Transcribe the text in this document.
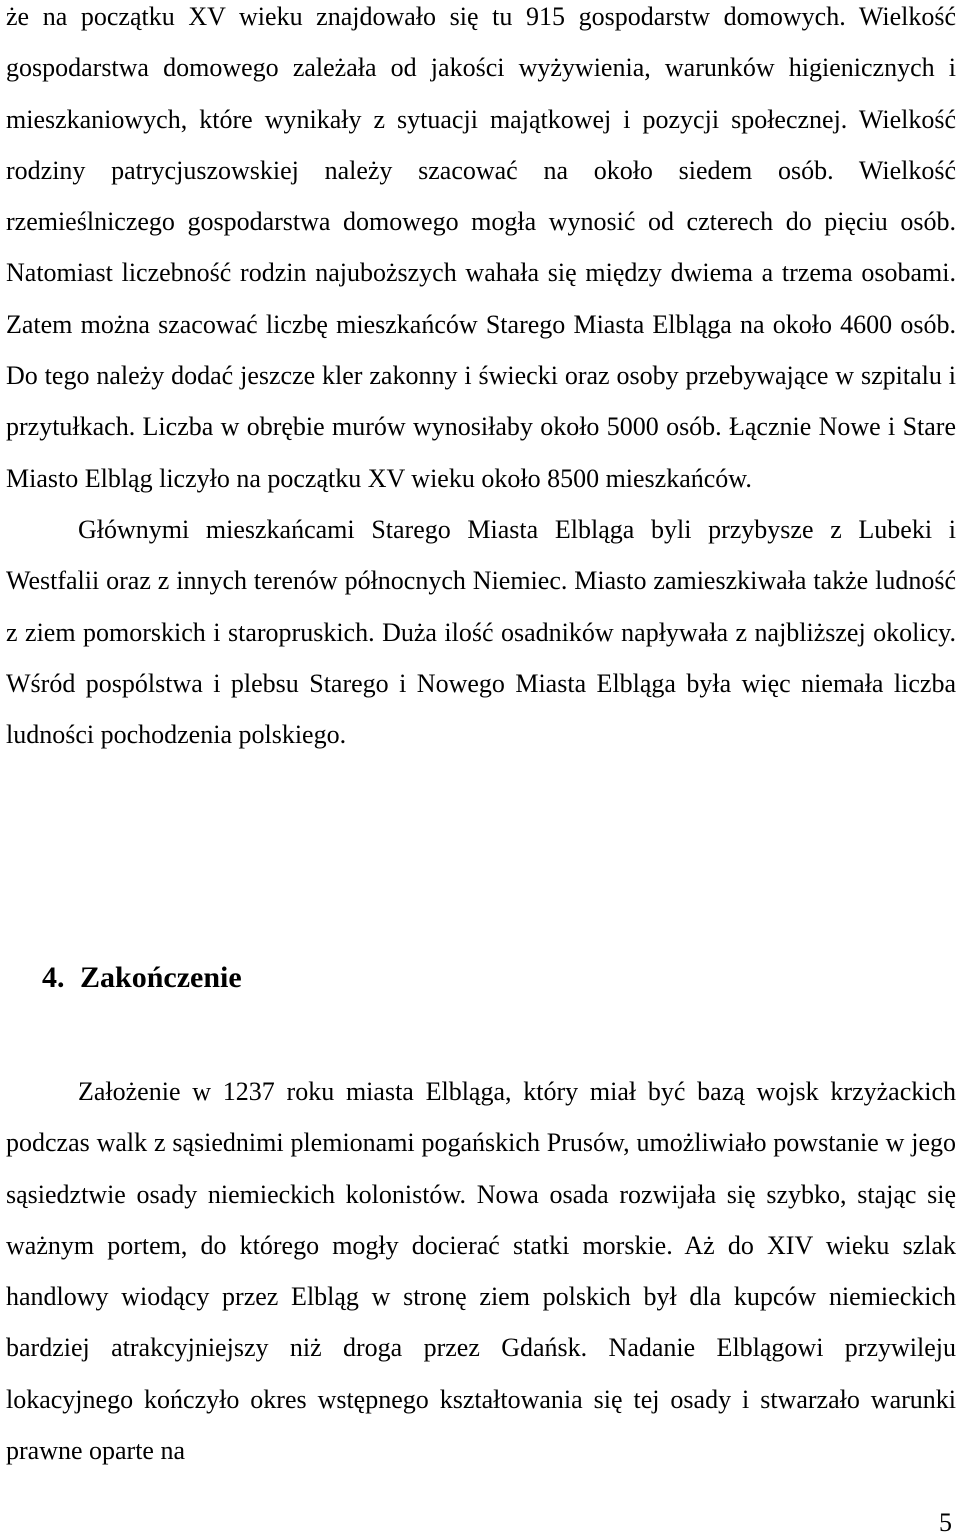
że na początku XV wieku znajdowało się tu 915 gospodarstw domowych. Wielkość gospodarstwa domowego zależała od jakości wyżywienia, warunków higienicznych i mieszkaniowych, które wynikały z sytuacji majątkowej i pozycji społecznej. Wielkość rodziny patrycjuszowskiej należy szacować na około siedem osób. Wielkość rzemieślniczego gospodarstwa domowego mogła wynosić od czterech do pięciu osób. Natomiast liczebność rodzin najuboższych wahała się między dwiema a trzema osobami. Zatem można szacować liczbę mieszkańców Starego Miasta Elbląga na około 4600 osób. Do tego należy dodać jeszcze kler zakonny i świecki oraz osoby przebywające w szpitalu i przytułkach. Liczba w obrębie murów wynosiłaby około 5000 osób. Łącznie Nowe i Stare Miasto Elbląg liczyło na początku XV wieku około 8500 mieszkańców.

Głównymi mieszkańcami Starego Miasta Elbląga byli przybysze z Lubeki i Westfalii oraz z innych terenów północnych Niemiec. Miasto zamieszkiwała także ludność z ziem pomorskich i staropruskich. Duża ilość osadników napływała z najbliższej okolicy. Wśród pospólstwa i plebsu Starego i Nowego Miasta Elbląga była więc niemała liczba ludności pochodzenia polskiego.

4. Zakończenie

Założenie w 1237 roku miasta Elbląga, który miał być bazą wojsk krzyżackich podczas walk z sąsiednimi plemionami pogańskich Prusów, umożliwiało powstanie w jego sąsiedztwie osady niemieckich kolonistów. Nowa osada rozwijała się szybko, stając się ważnym portem, do którego mogły docierać statki morskie. Aż do XIV wieku szlak handlowy wiodący przez Elbląg w stronę ziem polskich był dla kupców niemieckich bardziej atrakcyjniejszy niż droga przez Gdańsk. Nadanie Elblągowi przywileju lokacyjnego kończyło okres wstępnego kształtowania się tej osady i stwarzało warunki prawne oparte na

5
